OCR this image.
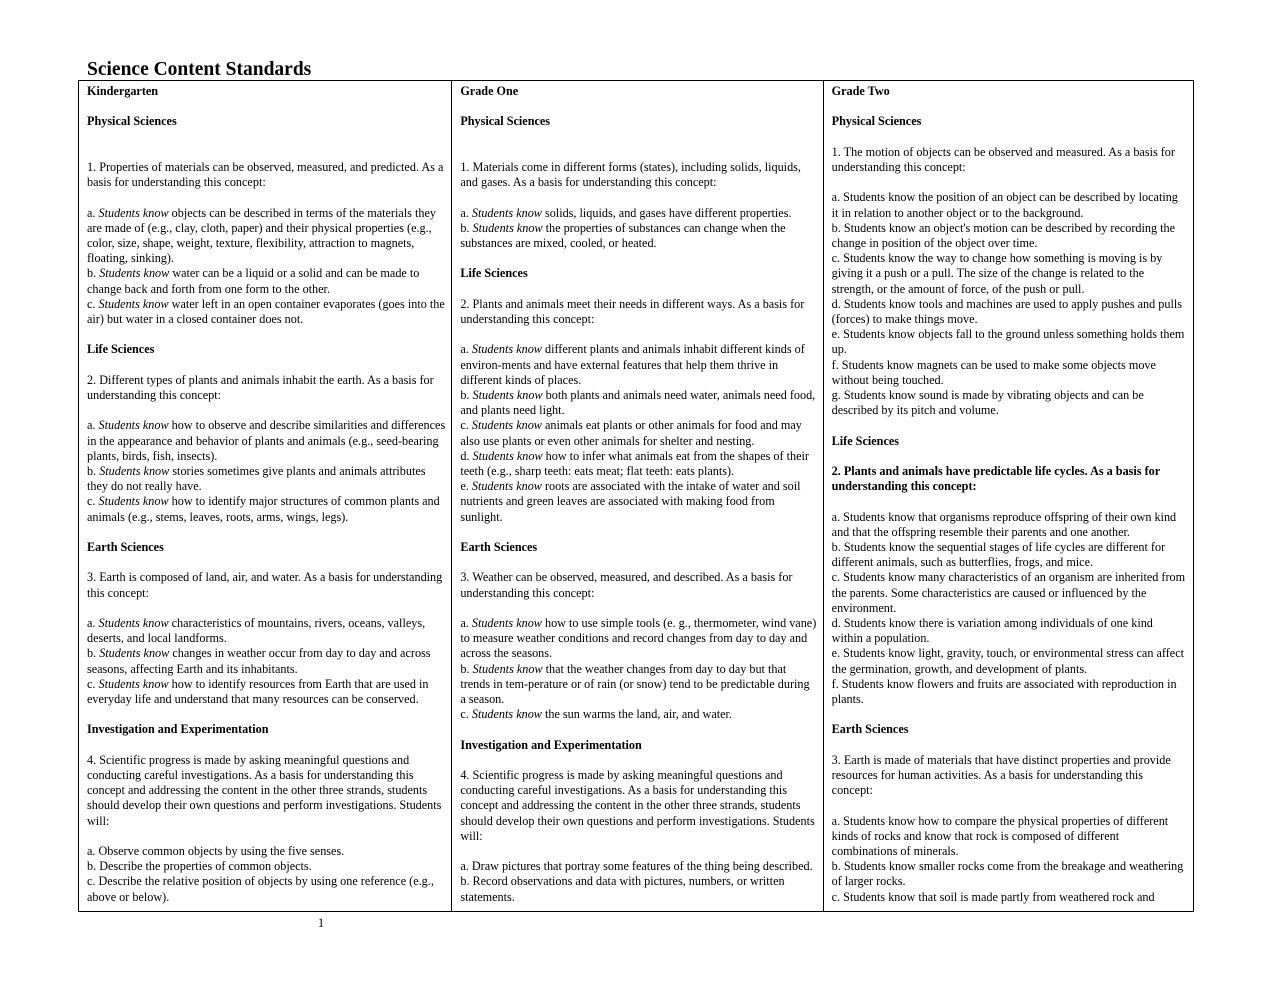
Science Content Standards

Kindergarten

Physical Sciences

1. Properties of materials can be observed, measured, and predicted. As a basis for understanding this concept:

a. Students know objects can be described in terms of the materials they are made of (e.g., clay, cloth, paper) and their physical properties (e.g., color, size, shape, weight, texture, flexibility, attraction to magnets, floating, sinking).

b. Students know water can be a liquid or a solid and can be made to change back and forth from one form to the other.

c. Students know water left in an open container evaporates (goes into the air) but water in a closed container does not.

Life Sciences

2. Different types of plants and animals inhabit the earth. As a basis for understanding this concept:

a. Students know how to observe and describe similarities and differences in the appearance and behavior of plants and animals (e.g., seed-bearing plants, birds, fish, insects).

b. Students know stories sometimes give plants and animals attributes they do not really have.

c. Students know how to identify major structures of common plants and animals (e.g., stems, leaves, roots, arms, wings, legs).

Earth Sciences

3. Earth is composed of land, air, and water. As a basis for understanding this concept:

a. Students know characteristics of mountains, rivers, oceans, valleys, deserts, and local landforms.

b. Students know changes in weather occur from day to day and across seasons, affecting Earth and its inhabitants.

c. Students know how to identify resources from Earth that are used in everyday life and understand that many resources can be conserved.

Investigation and Experimentation

4. Scientific progress is made by asking meaningful questions and conducting careful investigations. As a basis for understanding this concept and addressing the content in the other three strands, students should develop their own questions and perform investigations. Students will:

a. Observe common objects by using the five senses.

b. Describe the properties of common objects.

c. Describe the relative position of objects by using one reference (e.g., above or below).

Grade One

Physical Sciences

1. Materials come in different forms (states), including solids, liquids, and gases. As a basis for understanding this concept:

a. Students know solids, liquids, and gases have different properties.

b. Students know the properties of substances can change when the substances are mixed, cooled, or heated.

Life Sciences

2. Plants and animals meet their needs in different ways. As a basis for understanding this concept:

a. Students know different plants and animals inhabit different kinds of environ-ments and have external features that help them thrive in different kinds of places.

b. Students know both plants and animals need water, animals need food, and plants need light.

c. Students know animals eat plants or other animals for food and may also use plants or even other animals for shelter and nesting.

d. Students know how to infer what animals eat from the shapes of their teeth (e.g., sharp teeth: eats meat; flat teeth: eats plants).

e. Students know roots are associated with the intake of water and soil nutrients and green leaves are associated with making food from sunlight.

Earth Sciences

3. Weather can be observed, measured, and described. As a basis for understanding this concept:

a. Students know how to use simple tools (e. g., thermometer, wind vane) to measure weather conditions and record changes from day to day and across the seasons.

b. Students know that the weather changes from day to day but that trends in tem-perature or of rain (or snow) tend to be predictable during a season.

c. Students know the sun warms the land, air, and water.

Investigation and Experimentation

4. Scientific progress is made by asking meaningful questions and conducting careful investigations. As a basis for understanding this concept and addressing the content in the other three strands, students should develop their own questions and perform investigations. Students will:

a. Draw pictures that portray some features of the thing being described.

b. Record observations and data with pictures, numbers, or written statements.

Grade Two

Physical Sciences

1. The motion of objects can be observed and measured. As a basis for understanding this concept:

a. Students know the position of an object can be described by locating it in relation to another object or to the background.

b. Students know an object's motion can be described by recording the change in position of the object over time.

c. Students know the way to change how something is moving is by giving it a push or a pull. The size of the change is related to the strength, or the amount of force, of the push or pull.

d. Students know tools and machines are used to apply pushes and pulls (forces) to make things move.

e. Students know objects fall to the ground unless something holds them up.

f. Students know magnets can be used to make some objects move without being touched.

g. Students know sound is made by vibrating objects and can be described by its pitch and volume.

Life Sciences

2. Plants and animals have predictable life cycles. As a basis for understanding this concept:

a. Students know that organisms reproduce offspring of their own kind and that the offspring resemble their parents and one another.

b. Students know the sequential stages of life cycles are different for different animals, such as butterflies, frogs, and mice.

c. Students know many characteristics of an organism are inherited from the parents. Some characteristics are caused or influenced by the environment.

d. Students know there is variation among individuals of one kind within a population.

e. Students know light, gravity, touch, or environmental stress can affect the germination, growth, and development of plants.

f. Students know flowers and fruits are associated with reproduction in plants.

Earth Sciences

3. Earth is made of materials that have distinct properties and provide resources for human activities. As a basis for understanding this concept:

a. Students know how to compare the physical properties of different kinds of rocks and know that rock is composed of different combinations of minerals.

b. Students know smaller rocks come from the breakage and weathering of larger rocks.

c. Students know that soil is made partly from weathered rock and

1
